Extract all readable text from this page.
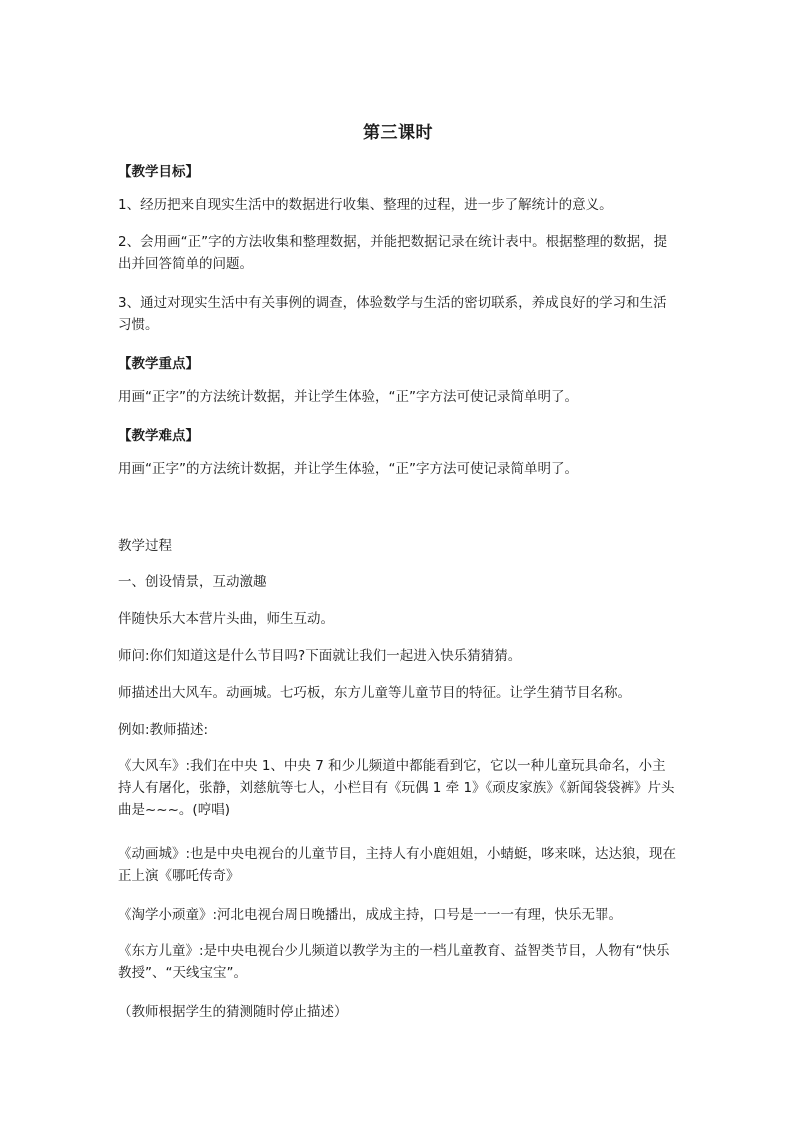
第三课时
【教学目标】
1、经历把来自现实生活中的数据进行收集、整理的过程，进一步了解统计的意义。
2、会用画“正”字的方法收集和整理数据，并能把数据记录在统计表中。根据整理的数据，提出并回答简单的问题。
3、通过对现实生活中有关事例的调查，体验数学与生活的密切联系，养成良好的学习和生活习惯。
【教学重点】
用画“正字”的方法统计数据，并让学生体验，“正”字方法可使记录简单明了。
【教学难点】
用画“正字”的方法统计数据，并让学生体验，“正”字方法可使记录简单明了。
教学过程
一、创设情景，互动激趣
伴随快乐大本营片头曲，师生互动。
师问:你们知道这是什么节目吗?下面就让我们一起进入快乐猜猜猜。
师描述出大风车。动画城。七巧板，东方儿童等儿童节目的特征。让学生猜节目名称。
例如:教师描述:
《大风车》:我们在中央 1、中央 7 和少儿频道中都能看到它，它以一种儿童玩具命名，小主持人有屠化，张静，刘慈航等七人，小栏目有《玩偶 1 牵 1》《顽皮家族》《新闻袋袋裤》片头曲是~~~。(哼唱)
《动画城》:也是中央电视台的儿童节目，主持人有小鹿姐姐，小蜻蜓，哆来咪，达达狼，现在正上演《哪吒传奇》
《淘学小顽童》:河北电视台周日晚播出，成成主持，口号是一一一有理，快乐无罪。
《东方儿童》:是中央电视台少儿频道以教学为主的一档儿童教育、益智类节目，人物有“快乐教授”、“天线宝宝”。
（教师根据学生的猜测随时停止描述）
